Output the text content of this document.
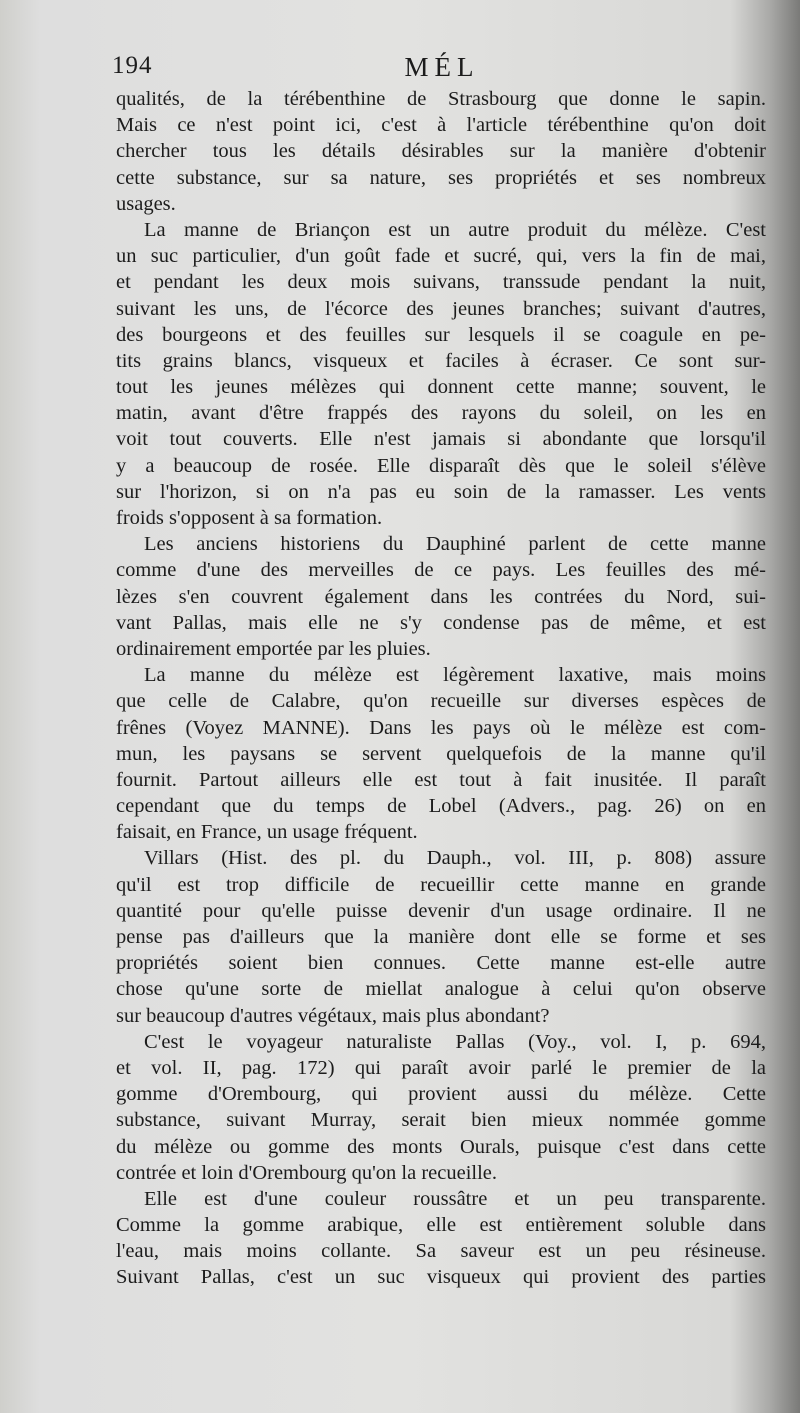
194	MÉL
qualités, de la térébenthine de Strasbourg que donne le sapin.
Mais ce n'est point ici, c'est à l'article térébenthine qu'on doit
chercher tous les détails désirables sur la manière d'obtenir
cette substance, sur sa nature, ses propriétés et ses nombreux
usages.
La manne de Briançon est un autre produit du mélèze. C'est
un suc particulier, d'un goût fade et sucré, qui, vers la fin de mai,
et pendant les deux mois suivans, transsude pendant la nuit,
suivant les uns, de l'écorce des jeunes branches; suivant d'autres,
des bourgeons et des feuilles sur lesquels il se coagule en pe-
tits grains blancs, visqueux et faciles à écraser. Ce sont sur-
tout les jeunes mélèzes qui donnent cette manne; souvent, le
matin, avant d'être frappés des rayons du soleil, on les en
voit tout couverts. Elle n'est jamais si abondante que lorsqu'il
y a beaucoup de rosée. Elle disparaît dès que le soleil s'élève
sur l'horizon, si on n'a pas eu soin de la ramasser. Les vents
froids s'opposent à sa formation.
Les anciens historiens du Dauphiné parlent de cette manne
comme d'une des merveilles de ce pays. Les feuilles des mé-
lèzes s'en couvrent également dans les contrées du Nord, sui-
vant Pallas, mais elle ne s'y condense pas de même, et est
ordinairement emportée par les pluies.
La manne du mélèze est légèrement laxative, mais moins
que celle de Calabre, qu'on recueille sur diverses espèces de
frênes (Voyez MANNE). Dans les pays où le mélèze est com-
mun, les paysans se servent quelquefois de la manne qu'il
fournit. Partout ailleurs elle est tout à fait inusitée. Il paraît
cependant que du temps de Lobel (Advers., pag. 26) on en
faisait, en France, un usage fréquent.
Villars (Hist. des pl. du Dauph., vol. III, p. 808) assure
qu'il est trop difficile de recueillir cette manne en grande
quantité pour qu'elle puisse devenir d'un usage ordinaire. Il ne
pense pas d'ailleurs que la manière dont elle se forme et ses
propriétés soient bien connues. Cette manne est-elle autre
chose qu'une sorte de miellat analogue à celui qu'on observe
sur beaucoup d'autres végétaux, mais plus abondant?
C'est le voyageur naturaliste Pallas (Voy., vol. I, p. 694,
et vol. II, pag. 172) qui paraît avoir parlé le premier de la
gomme d'Orembourg, qui provient aussi du mélèze. Cette
substance, suivant Murray, serait bien mieux nommée gomme
du mélèze ou gomme des monts Ourals, puisque c'est dans cette
contrée et loin d'Orembourg qu'on la recueille.
Elle est d'une couleur roussâtre et un peu transparente.
Comme la gomme arabique, elle est entièrement soluble dans
l'eau, mais moins collante. Sa saveur est un peu résineuse.
Suivant Pallas, c'est un suc visqueux qui provient des parties
